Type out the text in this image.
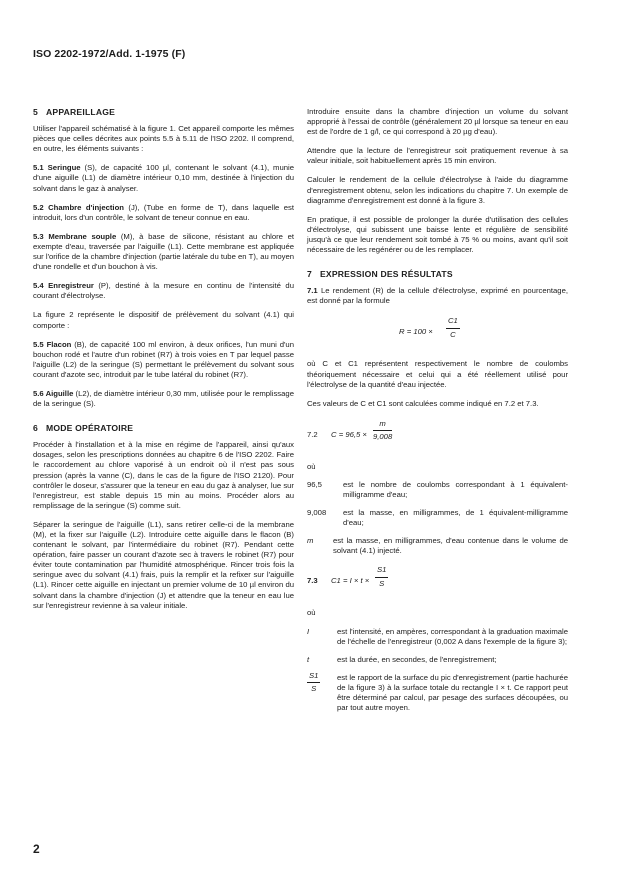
ISO 2202-1972/Add. 1-1975 (F)
5 APPAREILLAGE

Utiliser l'appareil schématisé à la figure 1. Cet appareil comporte les mêmes pièces que celles décrites aux points 5.5 à 5.11 de l'ISO 2202. Il comprend, en outre, les éléments suivants :

5.1 Seringue (S), de capacité 100 µl, contenant le solvant (4.1), munie d'une aiguille (L1) de diamètre intérieur 0,10 mm, destinée à l'injection du solvant dans le gaz à analyser.

5.2 Chambre d'injection (J), (Tube en forme de T), dans laquelle est introduit, lors d'un contrôle, le solvant de teneur connue en eau.

5.3 Membrane souple (M), à base de silicone, résistant au chlore et exempte d'eau, traversée par l'aiguille (L1). Cette membrane est appliquée sur l'orifice de la chambre d'injection (partie latérale du tube en T), au moyen d'une rondelle et d'un bouchon à vis.

5.4 Enregistreur (P), destiné à la mesure en continu de l'intensité du courant d'électrolyse.

La figure 2 représente le dispositif de prélèvement du solvant (4.1) qui comporte :

5.5 Flacon (B), de capacité 100 ml environ, à deux orifices, l'un muni d'un bouchon rodé et l'autre d'un robinet (R7) à trois voies en T par lequel passe l'aiguille (L2) de la seringue (S) permettant le prélèvement du solvant sous courant d'azote sec, introduit par le tube latéral du robinet (R7).

5.6 Aiguille (L2), de diamètre intérieur 0,30 mm, utilisée pour le remplissage de la seringue (S).

6 MODE OPÉRATOIRE

Procéder à l'installation et à la mise en régime de l'appareil, ainsi qu'aux dosages, selon les prescriptions données au chapitre 6 de l'ISO 2202. Faire le raccordement au chlore vaporisé à un endroit où il n'est pas sous pression (après la vanne (C), dans le cas de la figure de l'ISO 2120). Pour contrôler le doseur, s'assurer que la teneur en eau du gaz à analyser, lue sur l'enregistreur, est stable depuis 15 min au moins. Procéder alors au remplissage de la seringue (S) comme suit.

Séparer la seringue de l'aiguille (L1), sans retirer celle-ci de la membrane (M), et la fixer sur l'aiguille (L2). Introduire cette aiguille dans le flacon (B) contenant le solvant, par l'intermédiaire du robinet (R7). Pendant cette opération, faire passer un courant d'azote sec à travers le robinet (R7) pour éviter toute contamination par l'humidité atmosphérique. Rincer trois fois la seringue avec du solvant (4.1) frais, puis la remplir et la refixer sur l'aiguille (L1). Rincer cette aiguille en injectant un premier volume de 10 µl environ du solvant dans la chambre d'injection (J) et attendre que la teneur en eau lue sur l'enregistreur revienne à sa valeur initiale.

Introduire ensuite dans la chambre d'injection un volume du solvant approprié à l'essai de contrôle (généralement 20 µl lorsque sa teneur en eau est de l'ordre de 1 g/l, ce qui correspond à 20 µg d'eau).

Attendre que la lecture de l'enregistreur soit pratiquement revenue à sa valeur initiale, soit habituellement après 15 min environ.

Calculer le rendement de la cellule d'électrolyse à l'aide du diagramme d'enregistrement obtenu, selon les indications du chapitre 7. Un exemple de diagramme d'enregistrement est donné à la figure 3.

En pratique, il est possible de prolonger la durée d'utilisation des cellules d'électrolyse, qui subissent une baisse lente et régulière de sensibilité jusqu'à ce que leur rendement soit tombé à 75 % ou moins, avant qu'il soit nécessaire de les regénérer ou de les remplacer.

7 EXPRESSION DES RÉSULTATS

7.1 Le rendement (R) de la cellule d'électrolyse, exprimé en pourcentage, est donné par la formule

$R = 100 \times \frac{C1}{C}$

où C et C1 représentent respectivement le nombre de coulombs théoriquement nécessaire et celui qui a été réellement utilisé pour l'électrolyse de la quantité d'eau injectée.

Ces valeurs de C et C1 sont calculées comme indiqué en 7.2 et 7.3.

7.2 $C = 96,5 \times \frac{m}{9,008}$

où

96,5	est le nombre de coulombs correspondant à 1 équivalent-milligramme d'eau;
9,008 est la masse, en milligrammes, de 1 équivalent-milligramme d'eau;
m	est la masse, en milligrammes, d'eau contenue dans le volume de solvant (4.1) injecté.
7.3 $C1 = I \times t \times \frac{S1}{S}$

où

I	est l'intensité, en ampères, correspondant à la graduation maximale de l'échelle de l'enregistreur (0,002 A dans l'exemple de la figure 3);
t	est la durée, en secondes, de l'enregistrement;
$\frac{S1}{S}$ est le rapport de la surface du pic d'enregistrement (partie hachurée de la figure 3) à la surface totale du rectangle I × t. Ce rapport peut être déterminé par calcul, par pesage des surfaces découpées, ou par tout autre moyen.
2
